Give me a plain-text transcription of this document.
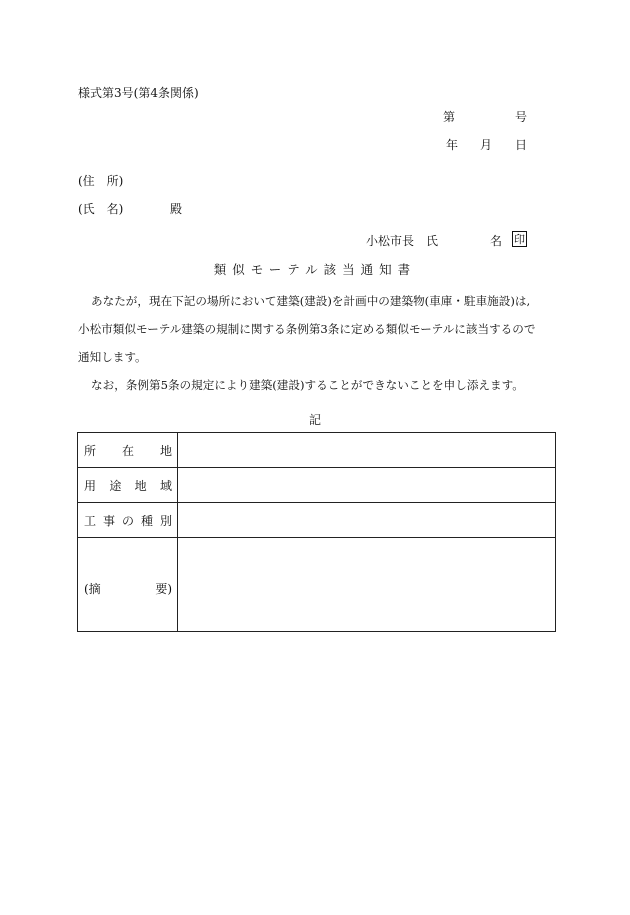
様式第3号(第4条関係)
第	号
年 月 日
(住　所)
(氏　名)	殿
小松市長　氏	名 印
類似モーテル該当通知書
あなたが，現在下記の場所において建築(建設)を計画中の建築物(車庫・駐車施設)は,
小松市類似モーテル建築の規制に関する条例第3条に定める類似モーテルに該当するので
通知します。
なお，条例第5条の規定により建築(建設)することができないことを申し添えます。
記
所 在 地	

用 途 地 域	

工 事 の 種 別	

(摘 要)	
